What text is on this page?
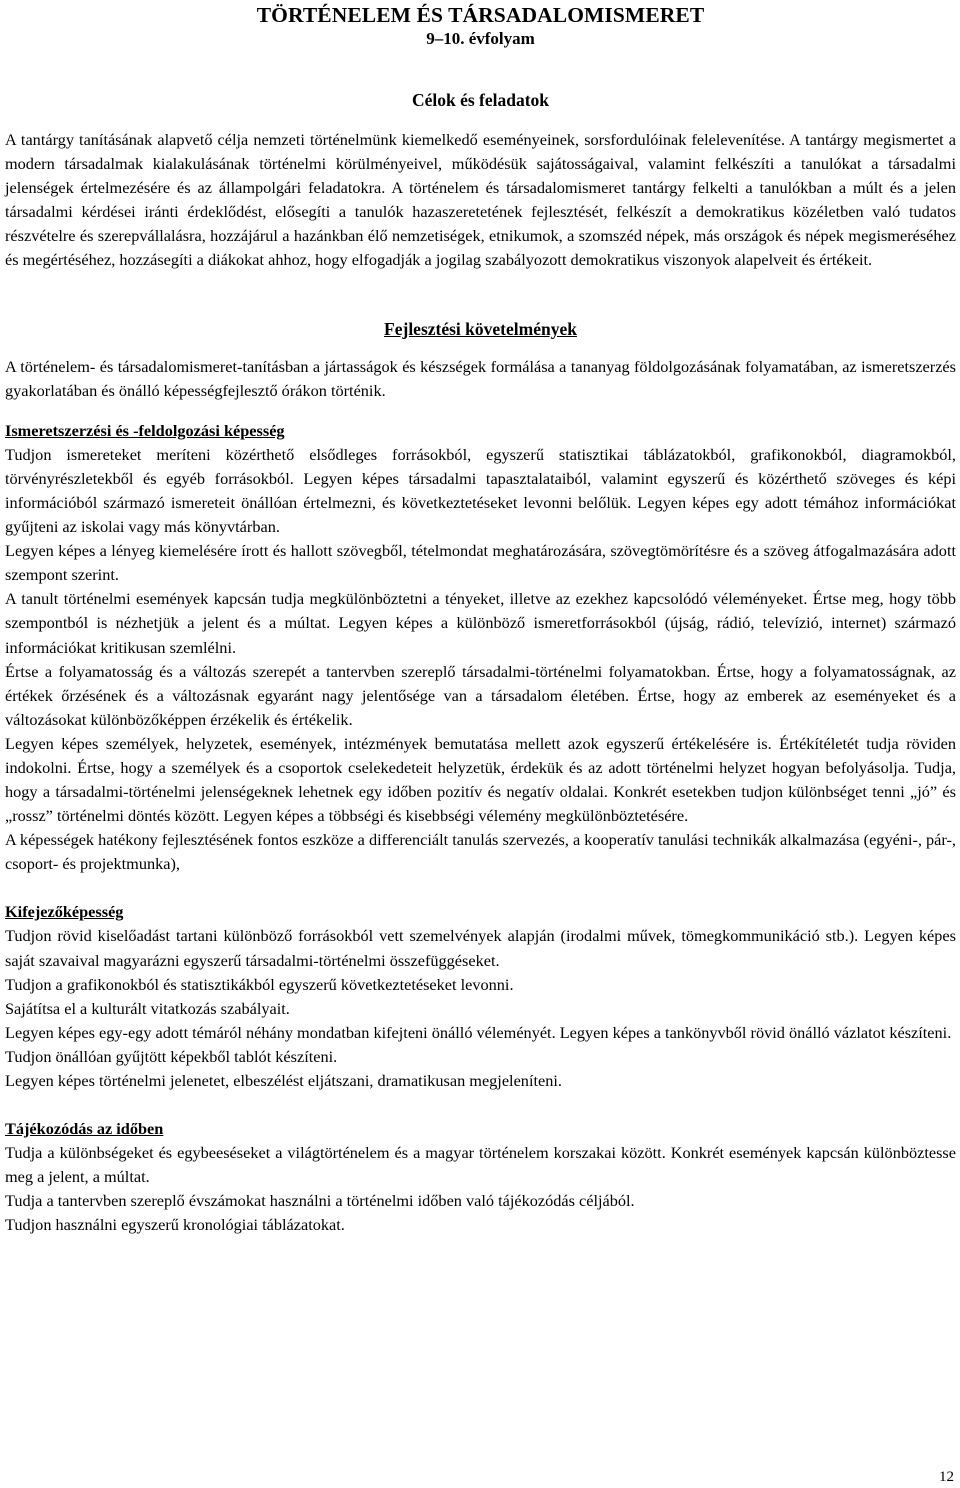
TÖRTÉNELEM ÉS TÁRSADALOMISMERET
9–10. évfolyam
Célok és feladatok

A tantárgy tanításának alapvető célja nemzeti történelmünk kiemelkedő eseményeinek, sorsfordulóinak felelevenítése. A tantárgy megismertet a modern társadalmak kialakulásának történelmi körülményeivel, működésük sajátosságaival, valamint felkészíti a tanulókat a társadalmi jelenségek értelmezésére és az állampolgári feladatokra. A történelem és társadalomismeret tantárgy felkelti a tanulókban a múlt és a jelen társadalmi kérdései iránti érdeklődést, elősegíti a tanulók hazaszeretetének fejlesztését, felkészít a demokratikus közéletben való tudatos részvételre és szerepvállalásra, hozzájárul a hazánkban élő nemzetiségek, etnikumok, a szomszéd népek, más országok és népek megismeréséhez és megértéséhez, hozzásegíti a diákokat ahhoz, hogy elfogadják a jogilag szabályozott demokratikus viszonyok alapelveit és értékeit.

Fejlesztési követelmények

A történelem- és társadalomismeret-tanításban a jártasságok és készségek formálása a tananyag földolgozásának folyamatában, az ismeretszerzés gyakorlatában és önálló képességfejlesztő órákon történik.

Ismeretszerzési és -feldolgozási képesség

Tudjon ismereteket meríteni közérthető elsődleges forrásokból, egyszerű statisztikai táblázatokból, grafikonokból, diagramokból, törvényrészletekből és egyéb forrásokból. Legyen képes társadalmi tapasztalataiból, valamint egyszerű és közérthető szöveges és képi információból származó ismereteit önállóan értelmezni, és következtetéseket levonni belőlük. Legyen képes egy adott témához információkat gyűjteni az iskolai vagy más könyvtárban.

Legyen képes a lényeg kiemelésére írott és hallott szövegből, tételmondat meghatározására, szövegtömörítésre és a szöveg átfogalmazására adott szempont szerint.

A tanult történelmi események kapcsán tudja megkülönböztetni a tényeket, illetve az ezekhez kapcsolódó véleményeket. Értse meg, hogy több szempontból is nézhetjük a jelent és a múltat. Legyen képes a különböző ismeretforrásokból (újság, rádió, televízió, internet) származó információkat kritikusan szemlélni.

Értse a folyamatosság és a változás szerepét a tantervben szereplő társadalmi-történelmi folyamatokban. Értse, hogy a folyamatosságnak, az értékek őrzésének és a változásnak egyaránt nagy jelentősége van a társadalom életében. Értse, hogy az emberek az eseményeket és a változásokat különbözőképpen érzékelik és értékelik.

Legyen képes személyek, helyzetek, események, intézmények bemutatása mellett azok egyszerű értékelésére is. Értékítéletét tudja röviden indokolni. Értse, hogy a személyek és a csoportok cselekedeteit helyzetük, érdekük és az adott történelmi helyzet hogyan befolyásolja. Tudja, hogy a társadalmi-történelmi jelenségeknek lehetnek egy időben pozitív és negatív oldalai. Konkrét esetekben tudjon különbséget tenni „jó” és „rossz” történelmi döntés között. Legyen képes a többségi és kisebbségi vélemény megkülönböztetésére.

A képességek hatékony fejlesztésének fontos eszköze a differenciált tanulás szervezés, a kooperatív tanulási technikák alkalmazása (egyéni-, pár-, csoport- és projektmunka),

Kifejezőképesség

Tudjon rövid kiselőadást tartani különböző forrásokból vett szemelvények alapján (irodalmi művek, tömegkommunikáció stb.). Legyen képes saját szavaival magyarázni egyszerű társadalmi-történelmi összefüggéseket.

Tudjon a grafikonokból és statisztikákból egyszerű következtetéseket levonni.

Sajátítsa el a kulturált vitatkozás szabályait.

Legyen képes egy-egy adott témáról néhány mondatban kifejteni önálló véleményét. Legyen képes a tankönyvből rövid önálló vázlatot készíteni.

Tudjon önállóan gyűjtött képekből tablót készíteni.

Legyen képes történelmi jelenetet, elbeszélést eljátszani, dramatikusan megjeleníteni.

Tájékozódás az időben

Tudja a különbségeket és egybeeséseket a világtörténelem és a magyar történelem korszakai között. Konkrét események kapcsán különböztesse meg a jelent, a múltat.

Tudja a tantervben szereplő évszámokat használni a történelmi időben való tájékozódás céljából.

Tudjon használni egyszerű kronológiai táblázatokat.

12
